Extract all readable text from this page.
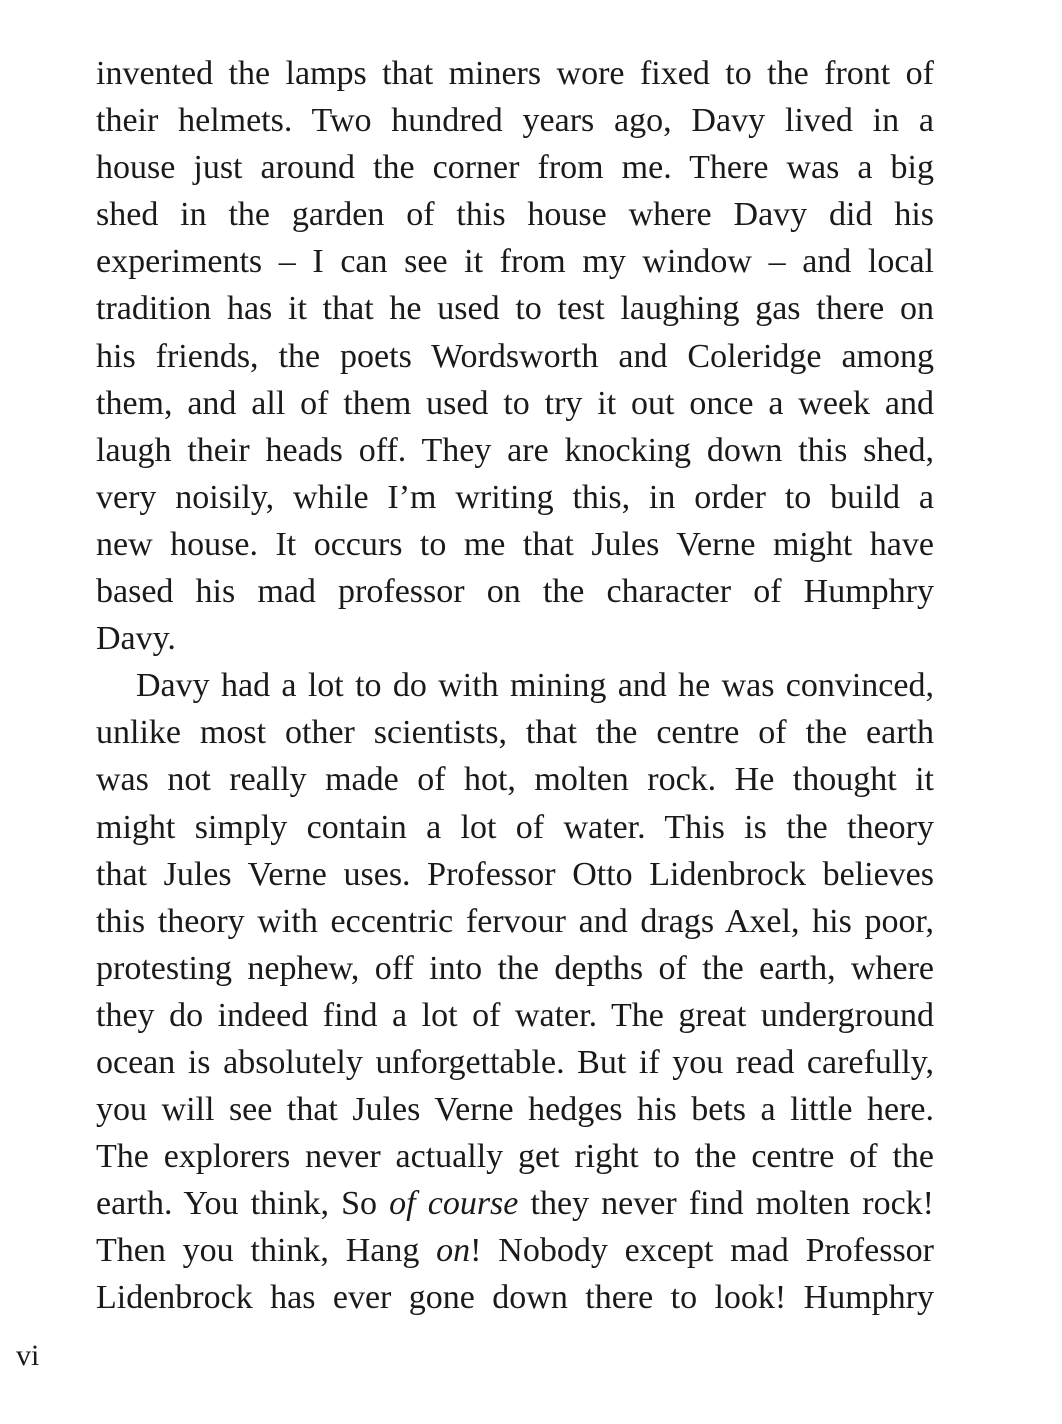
invented the lamps that miners wore fixed to the front of
their helmets. Two hundred years ago, Davy lived in a
house just around the corner from me. There was a big
shed in the garden of this house where Davy did his
experiments – I can see it from my window – and local
tradition has it that he used to test laughing gas there on
his friends, the poets Wordsworth and Coleridge among
them, and all of them used to try it out once a week and
laugh their heads off. They are knocking down this shed,
very noisily, while I’m writing this, in order to build a
new house. It occurs to me that Jules Verne might have
based his mad professor on the character of Humphry
Davy.
Davy had a lot to do with mining and he was convinced,
unlike most other scientists, that the centre of the earth
was not really made of hot, molten rock. He thought it
might simply contain a lot of water. This is the theory
that Jules Verne uses. Professor Otto Lidenbrock believes
this theory with eccentric fervour and drags Axel, his poor,
protesting nephew, off into the depths of the earth, where
they do indeed find a lot of water. The great underground
ocean is absolutely unforgettable. But if you read carefully,
you will see that Jules Verne hedges his bets a little here.
The explorers never actually get right to the centre of the
earth. You think, So of course they never find molten rock!
Then you think, Hang on! Nobody except mad Professor
Lidenbrock has ever gone down there to look! Humphry
vi
